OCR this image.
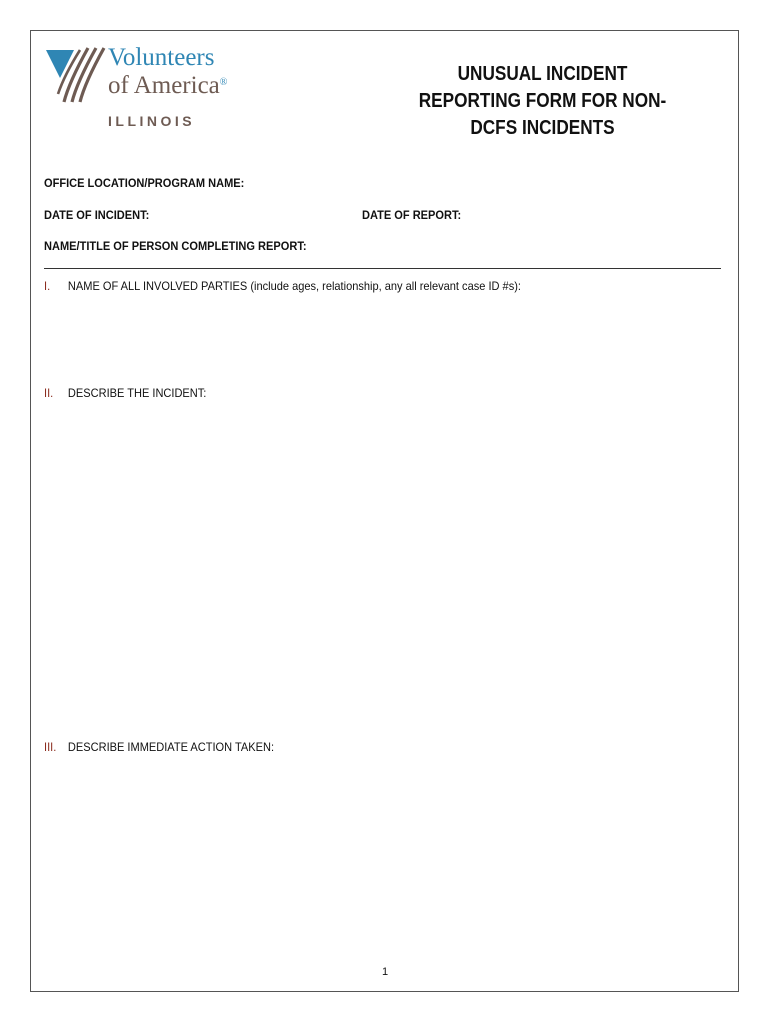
Volunteers
of America®
ILLINOIS
UNUSUAL INCIDENT
REPORTING FORM FOR NON-
DCFS INCIDENTS
OFFICE LOCATION/PROGRAM NAME:
DATE OF INCIDENT:	DATE OF REPORT:
NAME/TITLE OF PERSON COMPLETING REPORT:
I. NAME OF ALL INVOLVED PARTIES (include ages, relationship, any all relevant case ID #s):
II. DESCRIBE THE INCIDENT:
III. DESCRIBE IMMEDIATE ACTION TAKEN:
1
